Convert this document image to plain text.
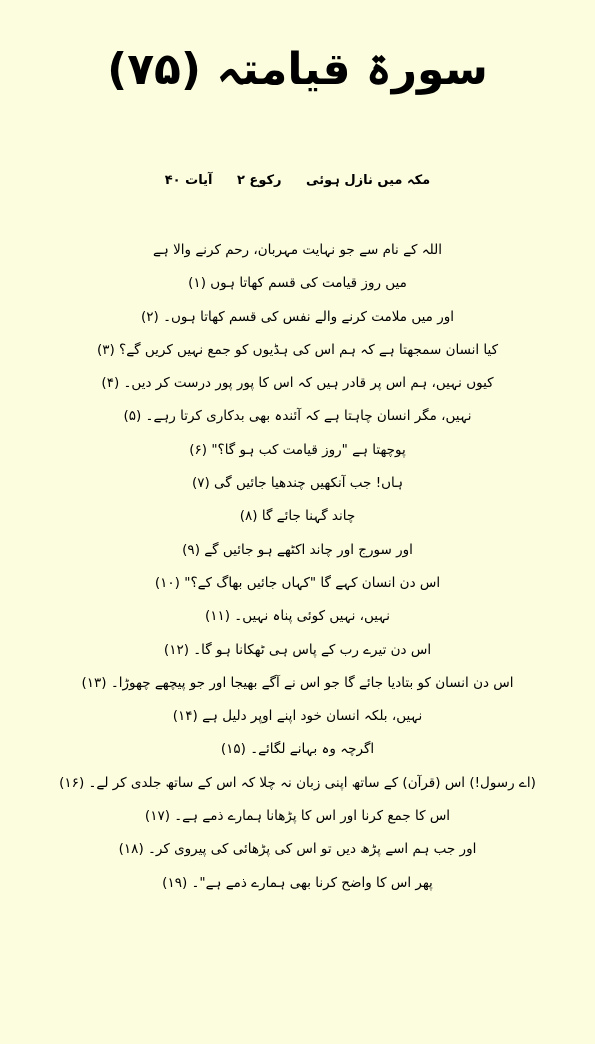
سورۃ قیامتہ (۷۵)
مکہ میں نازل ہوئی رکوع ۲ آیات ۴۰
اللہ کے نام سے جو نہایت مہربان، رحم کرنے والا ہے
میں روز قیامت کی قسم کھاتا ہوں (۱)
اور میں ملامت کرنے والے نفس کی قسم کھاتا ہوں۔ (۲)
کیا انسان سمجھتا ہے کہ ہم اس کی ہڈیوں کو جمع نہیں کریں گے؟ (۳)
کیوں نہیں، ہم اس پر قادر ہیں کہ اس کا پور پور درست کر دیں۔ (۴)
نہیں، مگر انسان چاہتا ہے کہ آئندہ بھی بدکاری کرتا رہے۔ (۵)
پوچھتا ہے "روز قیامت کب ہو گا؟" (۶)
ہاں! جب آنکھیں چندھیا جائیں گی (۷)
چاند گہنا جائے گا (۸)
اور سورج اور چاند اکٹھے ہو جائیں گے (۹)
اس دن انسان کہے گا "کہاں جائیں بھاگ کے؟" (۱۰)
نہیں، نہیں کوئی پناہ نہیں۔ (۱۱)
اس دن تیرے رب کے پاس ہی ٹھکانا ہو گا۔ (۱۲)
اس دن انسان کو بتادیا جائے گا جو اس نے آگے بھیجا اور جو پیچھے چھوڑا۔ (۱۳)
نہیں، بلکہ انسان خود اپنے اوپر دلیل ہے (۱۴)
اگرچہ وہ بہانے لگائے۔ (۱۵)
(اے رسول!) اس (قرآن) کے ساتھ اپنی زبان نہ چلا کہ اس کے ساتھ جلدی کر لے۔ (۱۶)
اس کا جمع کرنا اور اس کا پڑھانا ہمارے ذمے ہے۔ (۱۷)
اور جب ہم اسے پڑھ دیں تو اس کی پڑھائی کی پیروی کر۔ (۱۸)
پھر اس کا واضح کرنا بھی ہمارے ذمے ہے"۔ (۱۹)
